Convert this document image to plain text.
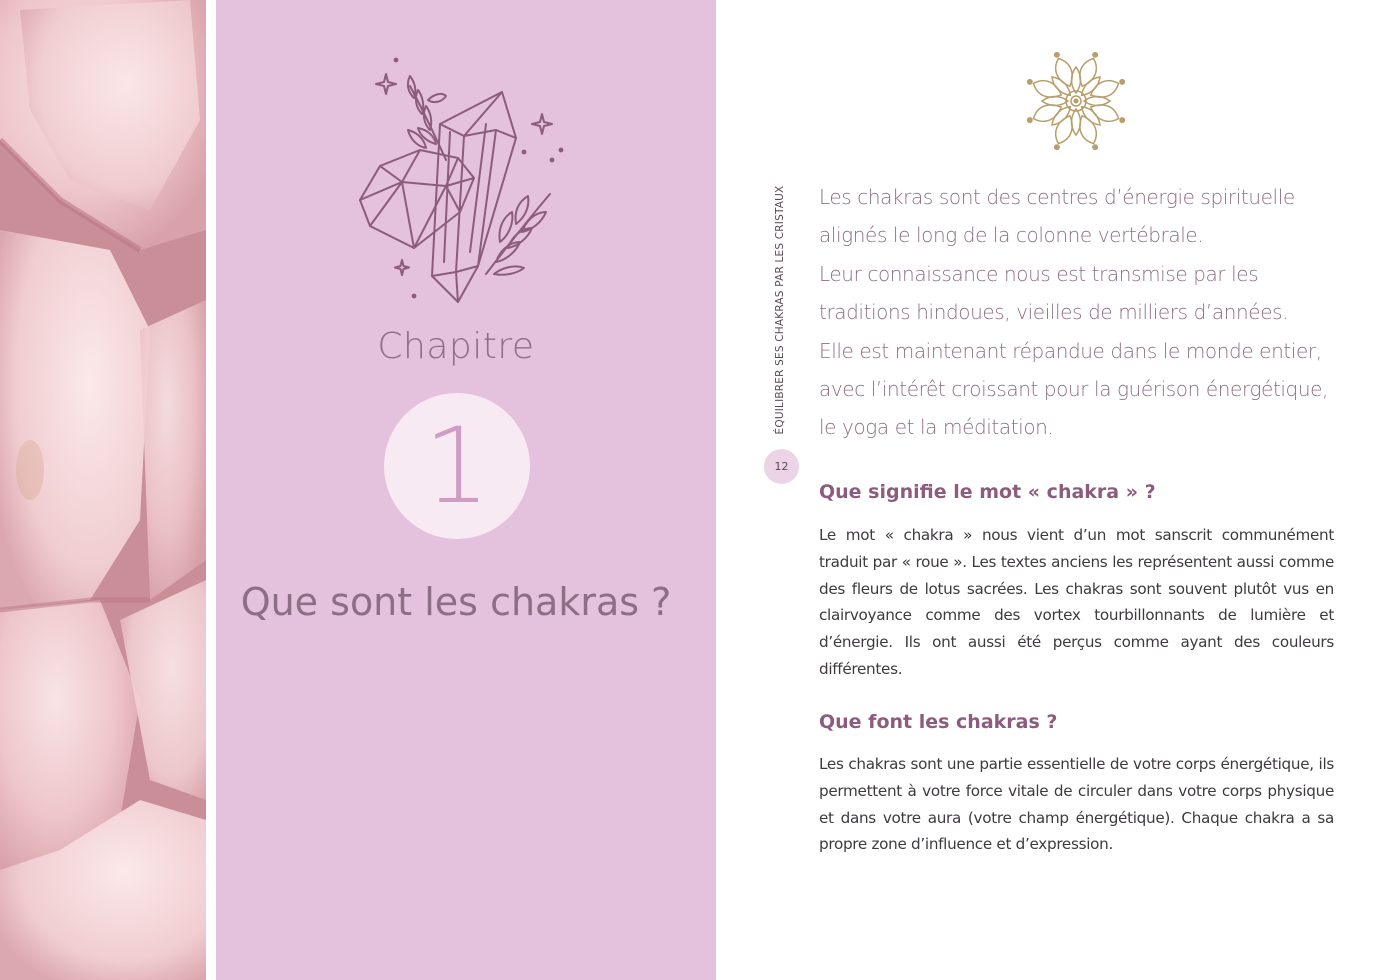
Chapitre
1
Que sont les chakras ?
ÉQUILIBRER SES CHAKRAS PAR LES CRISTAUX
12

Les chakras sont des centres d’énergie spirituelle
alignés le long de la colonne vertébrale.
Leur connaissance nous est transmise par les
traditions hindoues, vieilles de milliers d’années.
Elle est maintenant répandue dans le monde entier,
avec l’intérêt croissant pour la guérison énergétique,
le yoga et la méditation.

Que signifie le mot « chakra » ?

Le mot « chakra » nous vient d’un mot sanscrit communément traduit par « roue ». Les textes anciens les représentent aussi comme des fleurs de lotus sacrées. Les chakras sont souvent plutôt vus en clairvoyance comme des vortex tourbillonnants de lumière et d’énergie. Ils ont aussi été perçus comme ayant des couleurs différentes.

Que font les chakras ?

Les chakras sont une partie essentielle de votre corps énergétique, ils permettent à votre force vitale de circuler dans votre corps physique et dans votre aura (votre champ énergétique). Chaque chakra a sa propre zone d’influence et d’expression.
